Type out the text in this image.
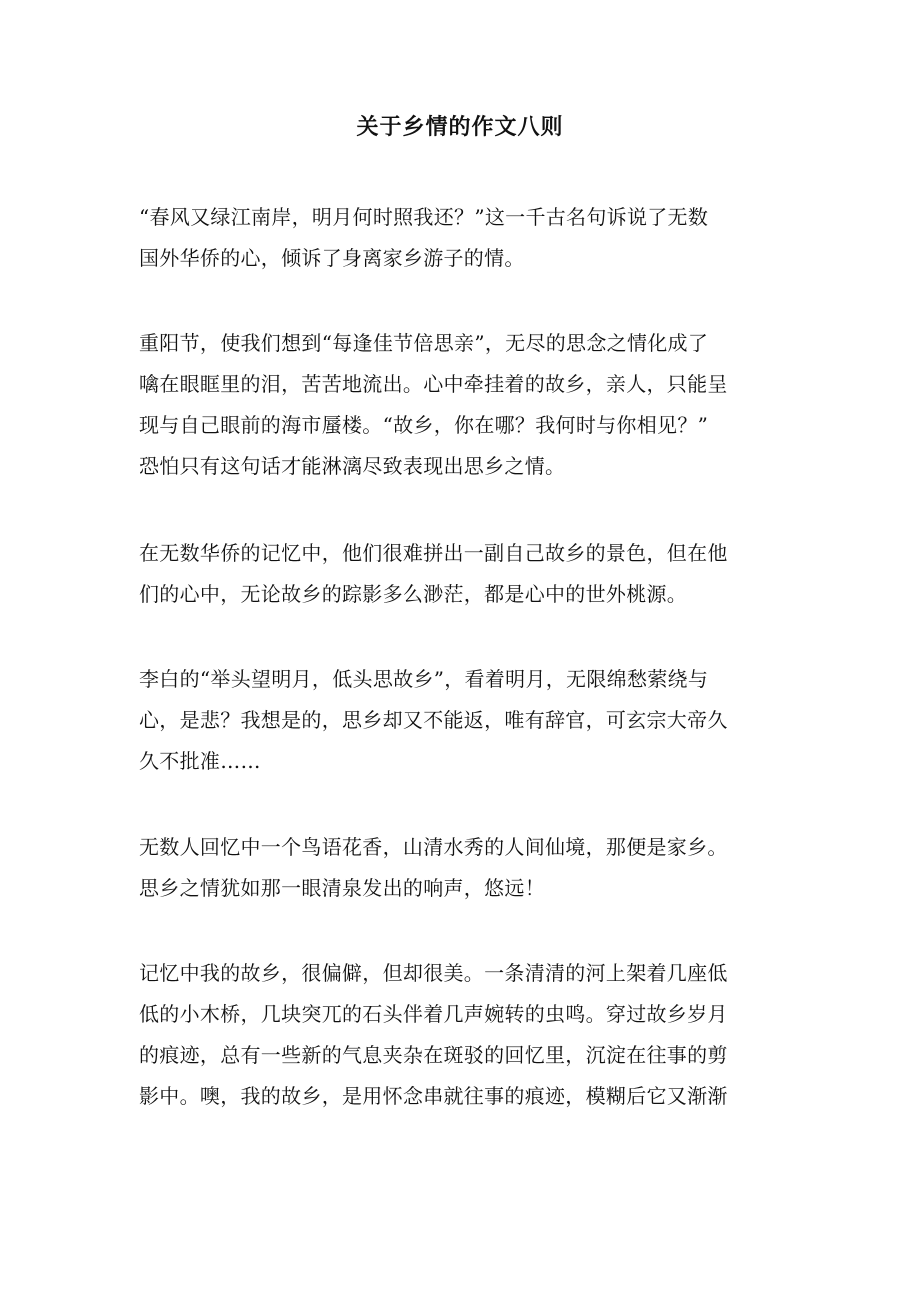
关于乡情的作文八则

“春风又绿江南岸，明月何时照我还？”这一千古名句诉说了无数
国外华侨的心，倾诉了身离家乡游子的情。

重阳节，使我们想到“每逢佳节倍思亲”，无尽的思念之情化成了
噙在眼眶里的泪，苦苦地流出。心中牵挂着的故乡，亲人，只能呈
现与自己眼前的海市蜃楼。“故乡，你在哪？我何时与你相见？”
恐怕只有这句话才能淋漓尽致表现出思乡之情。

在无数华侨的记忆中，他们很难拼出一副自己故乡的景色，但在他
们的心中，无论故乡的踪影多么渺茫，都是心中的世外桃源。

李白的“举头望明月，低头思故乡”，看着明月，无限绵愁萦绕与
心，是悲？我想是的，思乡却又不能返，唯有辞官，可玄宗大帝久
久不批准……

无数人回忆中一个鸟语花香，山清水秀的人间仙境，那便是家乡。
思乡之情犹如那一眼清泉发出的响声，悠远！

记忆中我的故乡，很偏僻，但却很美。一条清清的河上架着几座低
低的小木桥，几块突兀的石头伴着几声婉转的虫鸣。穿过故乡岁月
的痕迹，总有一些新的气息夹杂在斑驳的回忆里，沉淀在往事的剪
影中。噢，我的故乡，是用怀念串就往事的痕迹，模糊后它又渐渐
